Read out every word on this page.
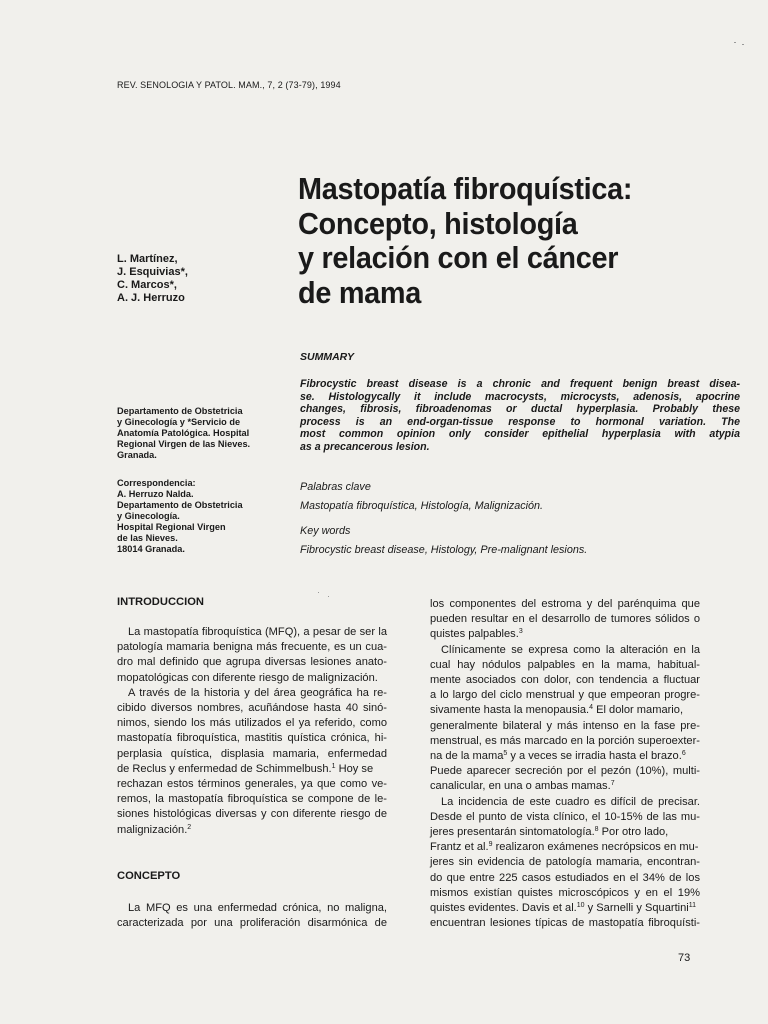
REV. SENOLOGIA Y PATOL. MAM., 7, 2 (73-79), 1994
Mastopatía fibroquística:
Concepto, histología
y relación con el cáncer
de mama
L. Martínez,
J. Esquivias*,
C. Marcos*,
A. J. Herruzo
Departamento de Obstetricia
y Ginecología y *Servicio de
Anatomía Patológica. Hospital
Regional Virgen de las Nieves.
Granada.
Correspondencia:
A. Herruzo Nalda.
Departamento de Obstetricia
y Ginecología.
Hospital Regional Virgen
de las Nieves.
18014 Granada.
SUMMARY
Fibrocystic breast disease is a chronic and frequent benign breast disea-
se. Histologycally it include macrocysts, microcysts, adenosis, apocrine
changes, fibrosis, fibroadenomas or ductal hyperplasia. Probably these
process is an end-organ-tissue response to hormonal variation. The
most common opinion only consider epithelial hyperplasia with atypia
as a precancerous lesion.
Palabras clave
Mastopatía fibroquística, Histología, Malignización.
Key words
Fibrocystic breast disease, Histology, Pre-malignant lesions.
INTRODUCCION
La mastopatía fibroquística (MFQ), a pesar de ser la
patología mamaria benigna más frecuente, es un cua-
dro mal definido que agrupa diversas lesiones anato-
mopatológicas con diferente riesgo de malignización.
A través de la historia y del área geográfica ha re-
cibido diversos nombres, acuñándose hasta 40 sinó-
nimos, siendo los más utilizados el ya referido, como
mastopatía fibroquística, mastitis quística crónica, hi-
perplasia quística, displasia mamaria, enfermedad
de Reclus y enfermedad de Schimmelbush.$^1$ Hoy se
rechazan estos términos generales, ya que como ve-
remos, la mastopatía fibroquística se compone de le-
siones histológicas diversas y con diferente riesgo de
malignización.$^2$
CONCEPTO
La MFQ es una enfermedad crónica, no maligna,
caracterizada por una proliferación disarmónica de
los componentes del estroma y del parénquima que
pueden resultar en el desarrollo de tumores sólidos o
quistes palpables.$^3$
Clínicamente se expresa como la alteración en la
cual hay nódulos palpables en la mama, habitual-
mente asociados con dolor, con tendencia a fluctuar
a lo largo del ciclo menstrual y que empeoran progre-
sivamente hasta la menopausia.$^4$ El dolor mamario,
generalmente bilateral y más intenso en la fase pre-
menstrual, es más marcado en la porción superoexter-
na de la mama$^5$ y a veces se irradia hasta el brazo.$^6$
Puede aparecer secreción por el pezón (10%), multi-
canalicular, en una o ambas mamas.$^7$
La incidencia de este cuadro es difícil de precisar.
Desde el punto de vista clínico, el 10-15% de las mu-
jeres presentarán sintomatología.$^8$ Por otro lado,
Frantz et al.$^9$ realizaron exámenes necrópsicos en mu-
jeres sin evidencia de patología mamaria, encontran-
do que entre 225 casos estudiados en el 34% de los
mismos existían quistes microscópicos y en el 19%
quistes evidentes. Davis et al.$^{10}$ y Sarnelli y Squartini$^{11}$
encuentran lesiones típicas de mastopatía fibroquísti-
73
